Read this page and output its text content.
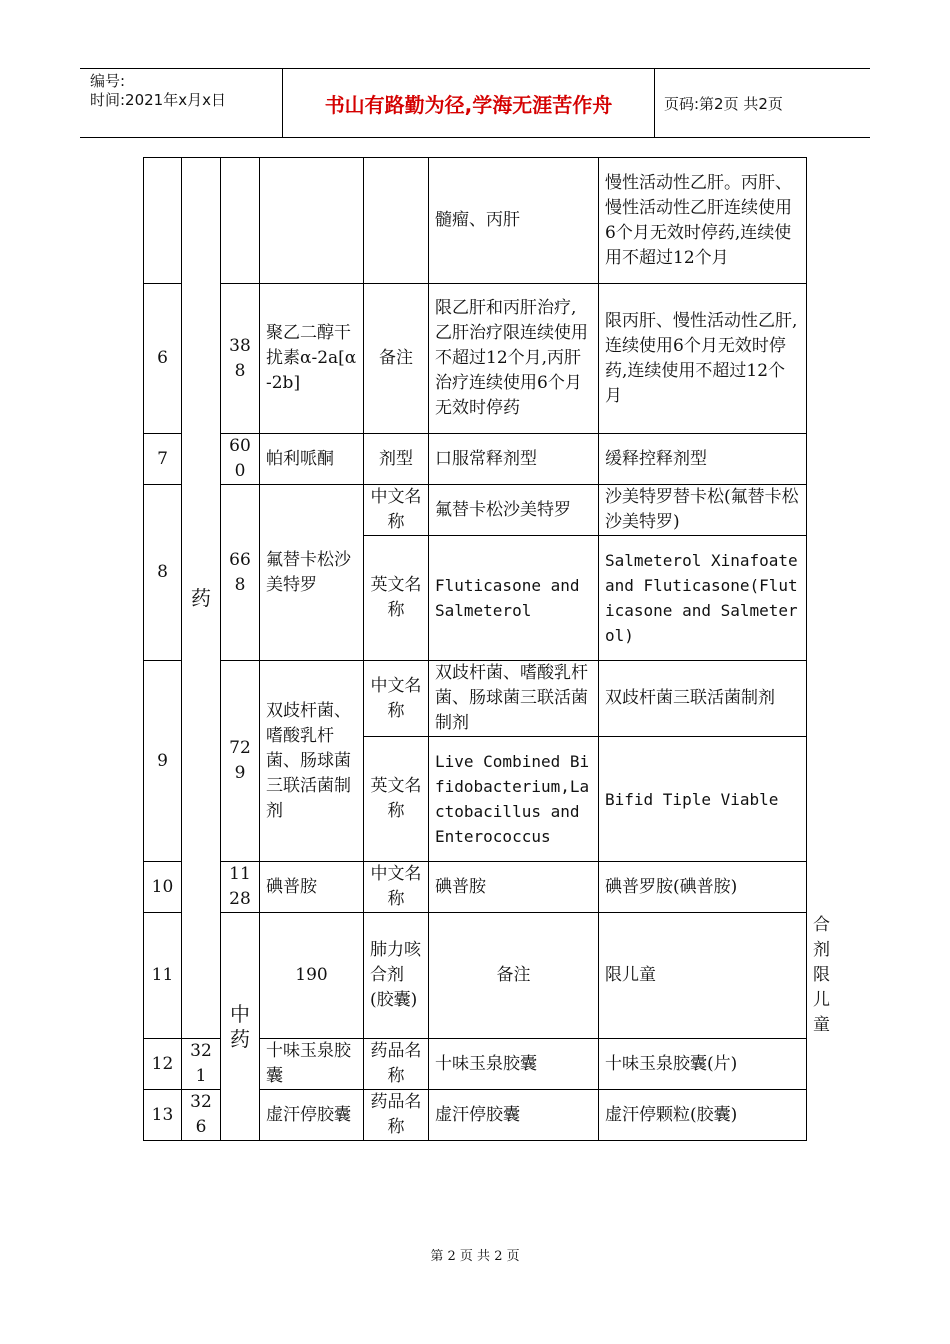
编号:
时间:2021年x月x日	书山有路勤为径,学海无涯苦作舟	页码:第2页 共2页
	药				髓瘤、丙肝	慢性活动性乙肝。丙肝、慢性活动性乙肝连续使用6个月无效时停药,连续使用不超过12个月	
6		388	聚乙二醇干扰素α-2a[α-2b]	备注	限乙肝和丙肝治疗,乙肝治疗限连续使用不超过12个月,丙肝治疗连续使用6个月无效时停药	限丙肝、慢性活动性乙肝,连续使用6个月无效时停药,连续使用不超过12个月	
7		600	帕利哌酮	剂型	口服常释剂型	缓释控释剂型	
8		668	氟替卡松沙美特罗	中文名称	氟替卡松沙美特罗	沙美特罗替卡松(氟替卡松沙美特罗)	
				英文名称	Fluticasone and Salmeterol	Salmeterol Xinafoate and Fluticasone(Fluticasone and Salmeterol)	
9		729	双歧杆菌、嗜酸乳杆菌、肠球菌三联活菌制剂	中文名称	双歧杆菌、嗜酸乳杆菌、肠球菌三联活菌制剂	双歧杆菌三联活菌制剂	
				英文名称	Live Combined Bifidobacterium,Lactobacillus and Enterococcus	Bifid Tiple Viable	
10		1128	碘普胺	中文名称	碘普胺	碘普罗胺(碘普胺)	
11		中药	190	肺力咳合剂(胶囊)	备注	限儿童	合剂限儿童
12	321		十味玉泉胶囊	药品名称	十味玉泉胶囊	十味玉泉胶囊(片)	
13	326		虚汗停胶囊	药品名称	虚汗停胶囊	虚汗停颗粒(胶囊)	
第 2 页 共 2 页
